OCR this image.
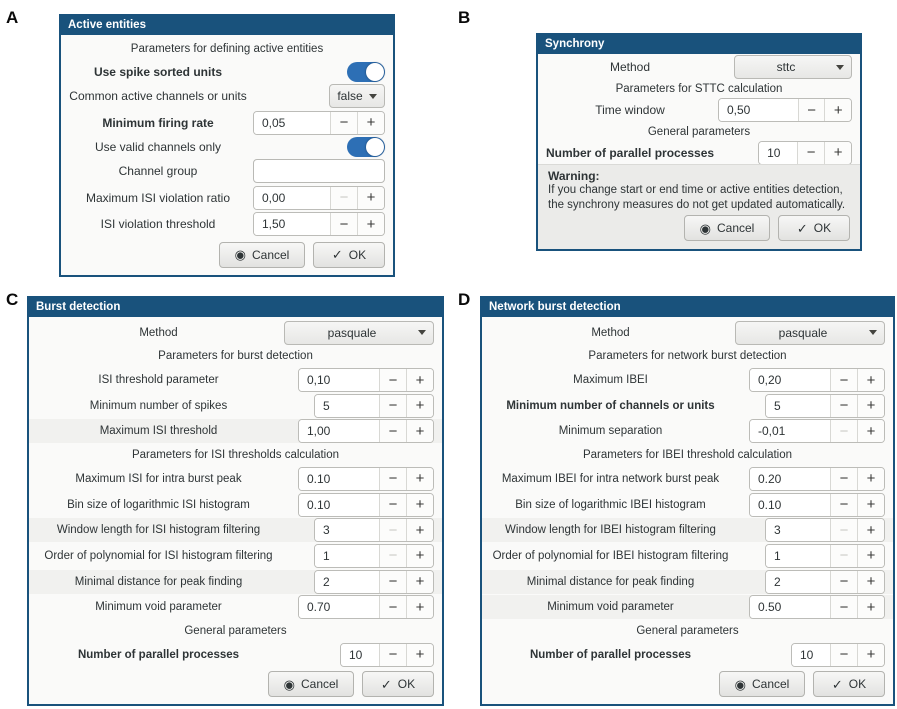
A	B
C	D
Active entities
Parameters for defining active entities
Use spike sorted units
Common active channels or units	false
Minimum firing rate	0,05	−	+
Use valid channels only
Channel group
Maximum ISI violation ratio	0,00	−	+
ISI violation threshold	1,50	−	+
◉ Cancel	✓ OK
Synchrony
Method	sttc
Parameters for STTC calculation
Time window	0,50	−	+
General parameters
Number of parallel processes	10	−	+
Warning:
If you change start or end time or active entities detection, the synchrony measures do not get updated automatically.
◉ Cancel	✓ OK
Burst detection
Method	pasquale
Parameters for burst detection
ISI threshold parameter	0,10	−	+
Minimum number of spikes	5	−	+
Maximum ISI threshold	1,00	−	+
Parameters for ISI thresholds calculation
Maximum ISI for intra burst peak	0.10	−	+
Bin size of logarithmic ISI histogram	0.10	−	+
Window length for ISI histogram filtering	3	−	+
Order of polynomial for ISI histogram filtering	1	−	+
Minimal distance for peak finding	2	−	+
Minimum void parameter	0.70	−	+
General parameters
Number of parallel processes	10	−	+
◉ Cancel	✓ OK
Network burst detection
Method	pasquale
Parameters for network burst detection
Maximum IBEI	0,20	−	+
Minimum number of channels or units	5	−	+
Minimum separation	-0,01	−	+
Parameters for IBEI threshold calculation
Maximum IBEI for intra network burst peak	0.20	−	+
Bin size of logarithmic IBEI histogram	0.10	−	+
Window length for IBEI histogram filtering	3	−	+
Order of polynomial for IBEI histogram filtering	1	−	+
Minimal distance for peak finding	2	−	+
Minimum void parameter	0.50	−	+
General parameters
Number of parallel processes	10	−	+
◉ Cancel	✓ OK
